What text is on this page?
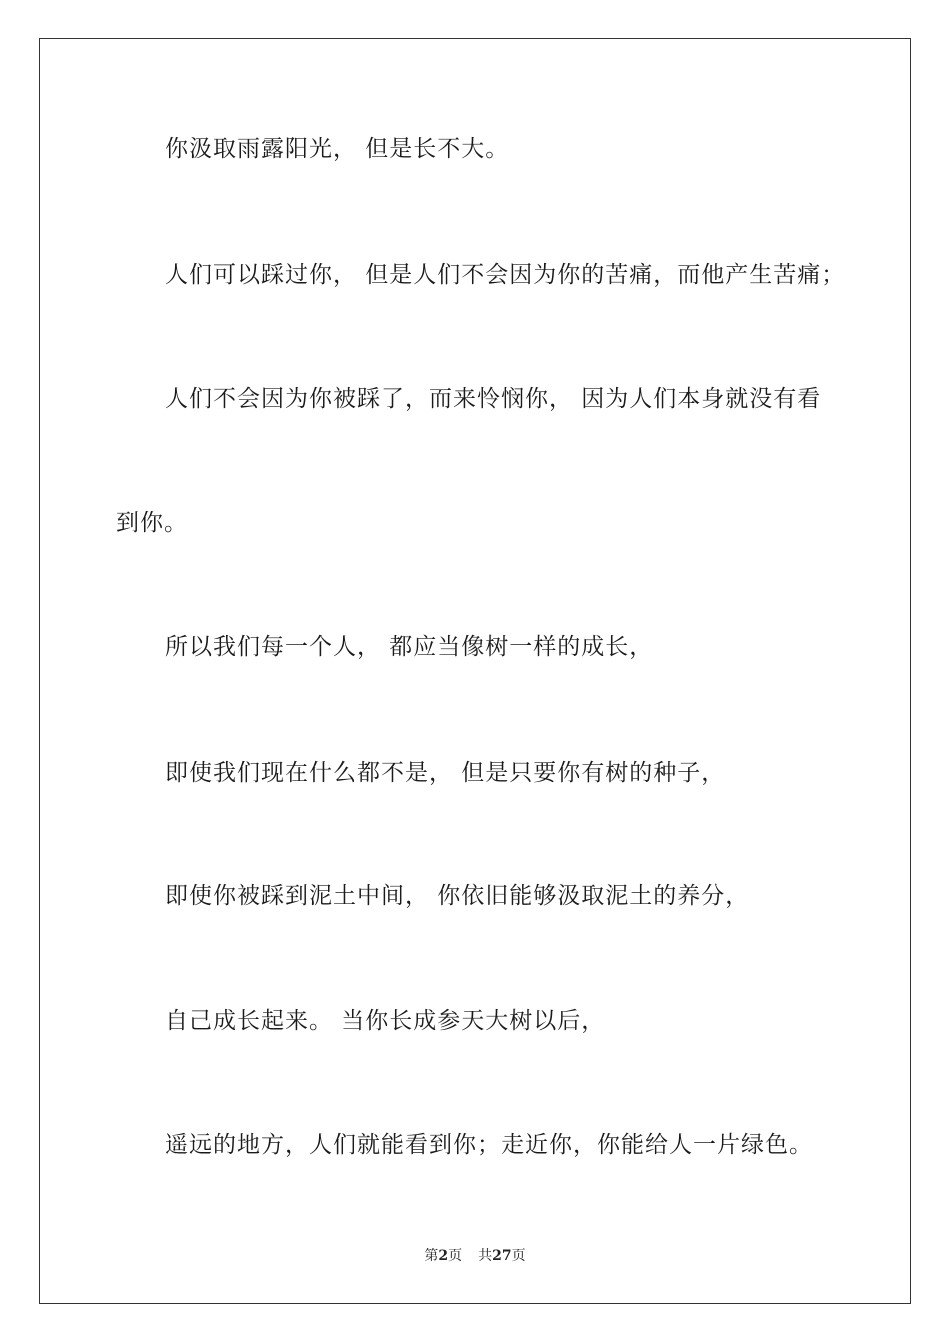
你汲取雨露阳光， 但是长不大。
人们可以踩过你， 但是人们不会因为你的苦痛，而他产生苦痛；
人们不会因为你被踩了，而来怜悯你， 因为人们本身就没有看
到你。
所以我们每一个人， 都应当像树一样的成长，
即使我们现在什么都不是， 但是只要你有树的种子，
即使你被踩到泥土中间， 你依旧能够汲取泥土的养分，
自己成长起来。 当你长成参天大树以后，
遥远的地方，人们就能看到你；走近你，你能给人一片绿色。
第2页 共27页
